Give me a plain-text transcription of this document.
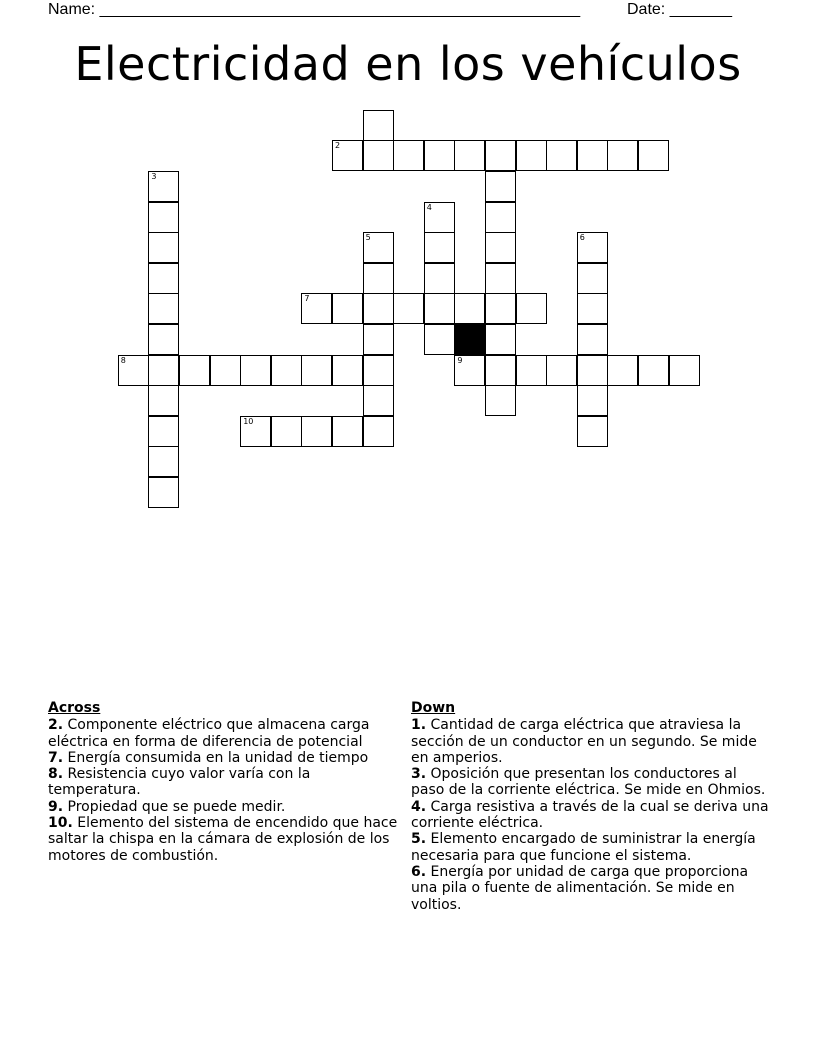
Name: ______________________________________________________	Date: _______
Electricidad en los vehículos
2
3
4
5	6
7
8	9
10
Across
2. Componente eléctrico que almacena carga eléctrica en forma de diferencia de potencial
7. Energía consumida en la unidad de tiempo
8. Resistencia cuyo valor varía con la temperatura.
9. Propiedad que se puede medir.
10. Elemento del sistema de encendido que hace saltar la chispa en la cámara de explosión de los motores de combustión.
Down
1. Cantidad de carga eléctrica que atraviesa la sección de un conductor en un segundo. Se mide en amperios.
3. Oposición que presentan los conductores al paso de la corriente eléctrica. Se mide en Ohmios.
4. Carga resistiva a través de la cual se deriva una corriente eléctrica.
5. Elemento encargado de suministrar la energía necesaria para que funcione el sistema.
6. Energía por unidad de carga que proporciona una pila o fuente de alimentación. Se mide en voltios.
